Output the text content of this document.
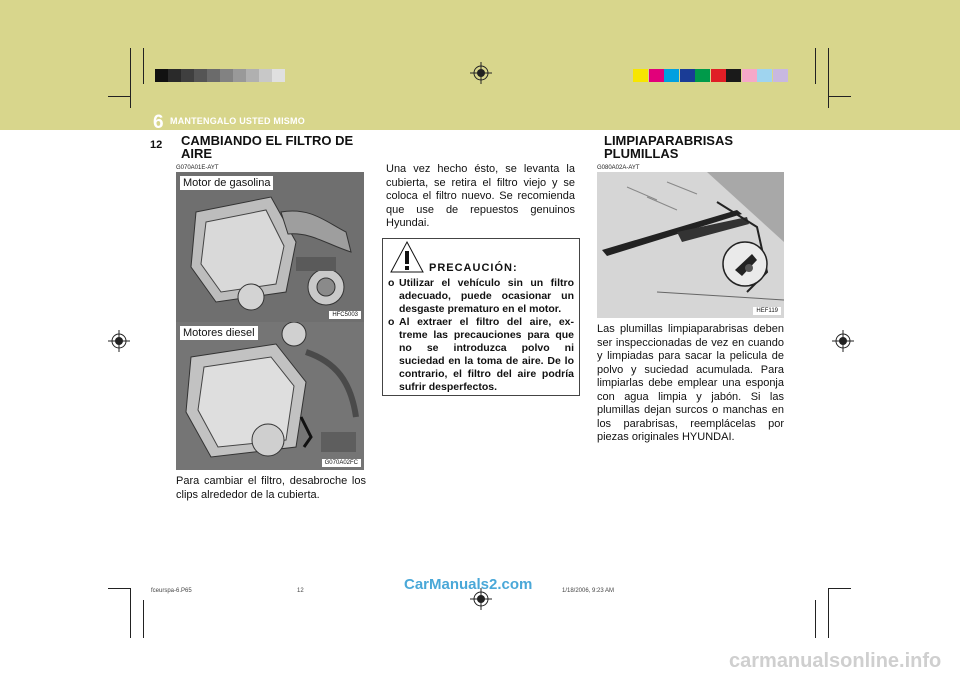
6 MANTENGALO USTED MISMO
12	CAMBIANDO EL FILTRO DE AIRE
G070A01E-AYT
Motor de gasolina
HFC5003
Motores diesel
G070A02FC
Para cambiar el filtro, desabroche los clips alrededor de la cubierta.
Una vez hecho ésto, se levanta la cubierta, se retira el filtro viejo y se coloca el filtro nuevo. Se recomienda que use de repuestos genuinos Hyundai.
PRECAUCIÓN:
o Utilizar el vehículo sin un filtro adecuado, puede ocasionar un desgaste prematuro en el motor.
o Al extraer el filtro del aire, ex- treme las precauciones para que no se introduzca polvo ni suciedad en la toma de aire. De lo contrario, el filtro del aire podría sufrir desperfectos.
LIMPIAPARABRISAS PLUMILLAS
G080A02A-AYT
HEF119
Las plumillas limpiaparabrisas deben ser inspeccionadas de vez en cuando y limpiadas para sacar la pelicula de polvo y suciedad acumulada. Para limpiarlas debe emplear una esponja con agua limpia y jabón. Si las plumillas dejan surcos o manchas en los parabrisas, reemplácelas por piezas originales HYUNDAI.
fceurspa-6.P65	12	1/18/2006, 9:23 AM
CarManuals2.com
carmanualsonline.info
